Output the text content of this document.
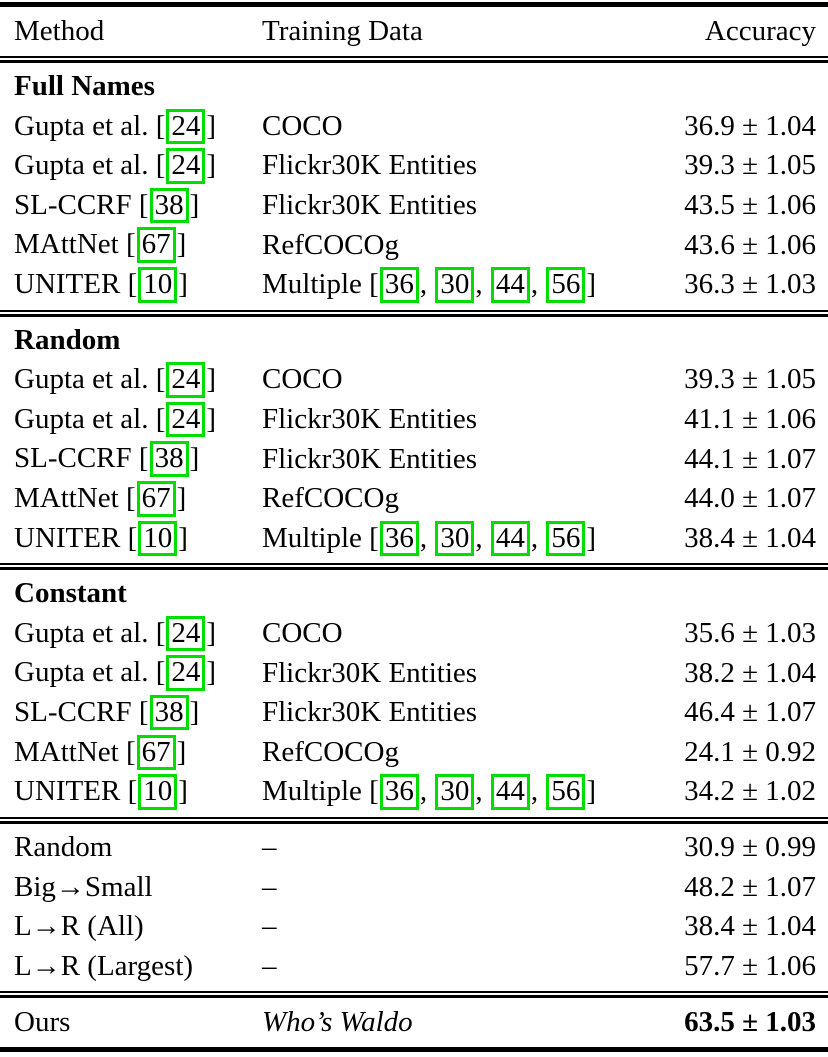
Method	Training Data	Accuracy
Full Names
Gupta et al. [ 24 ]	COCO	36.9 ± 1.04
Gupta et al. [ 24 ]	Flickr30K Entities	39.3 ± 1.05
SL-CCRF [ 38 ]	Flickr30K Entities	43.5 ± 1.06
MAttNet [ 67 ]	RefCOCOg	43.6 ± 1.06
UNITER [ 10 ]	Multiple [ 36 , 30 , 44 , 56 ]	36.3 ± 1.03
Random
Gupta et al. [ 24 ]	COCO	39.3 ± 1.05
Gupta et al. [ 24 ]	Flickr30K Entities	41.1 ± 1.06
SL-CCRF [ 38 ]	Flickr30K Entities	44.1 ± 1.07
MAttNet [ 67 ]	RefCOCOg	44.0 ± 1.07
UNITER [ 10 ]	Multiple [ 36 , 30 , 44 , 56 ]	38.4 ± 1.04
Constant
Gupta et al. [ 24 ]	COCO	35.6 ± 1.03
Gupta et al. [ 24 ]	Flickr30K Entities	38.2 ± 1.04
SL-CCRF [ 38 ]	Flickr30K Entities	46.4 ± 1.07
MAttNet [ 67 ]	RefCOCOg	24.1 ± 0.92
UNITER [ 10 ]	Multiple [ 36 , 30 , 44 , 56 ]	34.2 ± 1.02
Random	–	30.9 ± 0.99
Big→Small	–	48.2 ± 1.07
L→R (All)	–	38.4 ± 1.04
L→R (Largest)	–	57.7 ± 1.06
Ours	Who’s Waldo	63.5 ± 1.03
